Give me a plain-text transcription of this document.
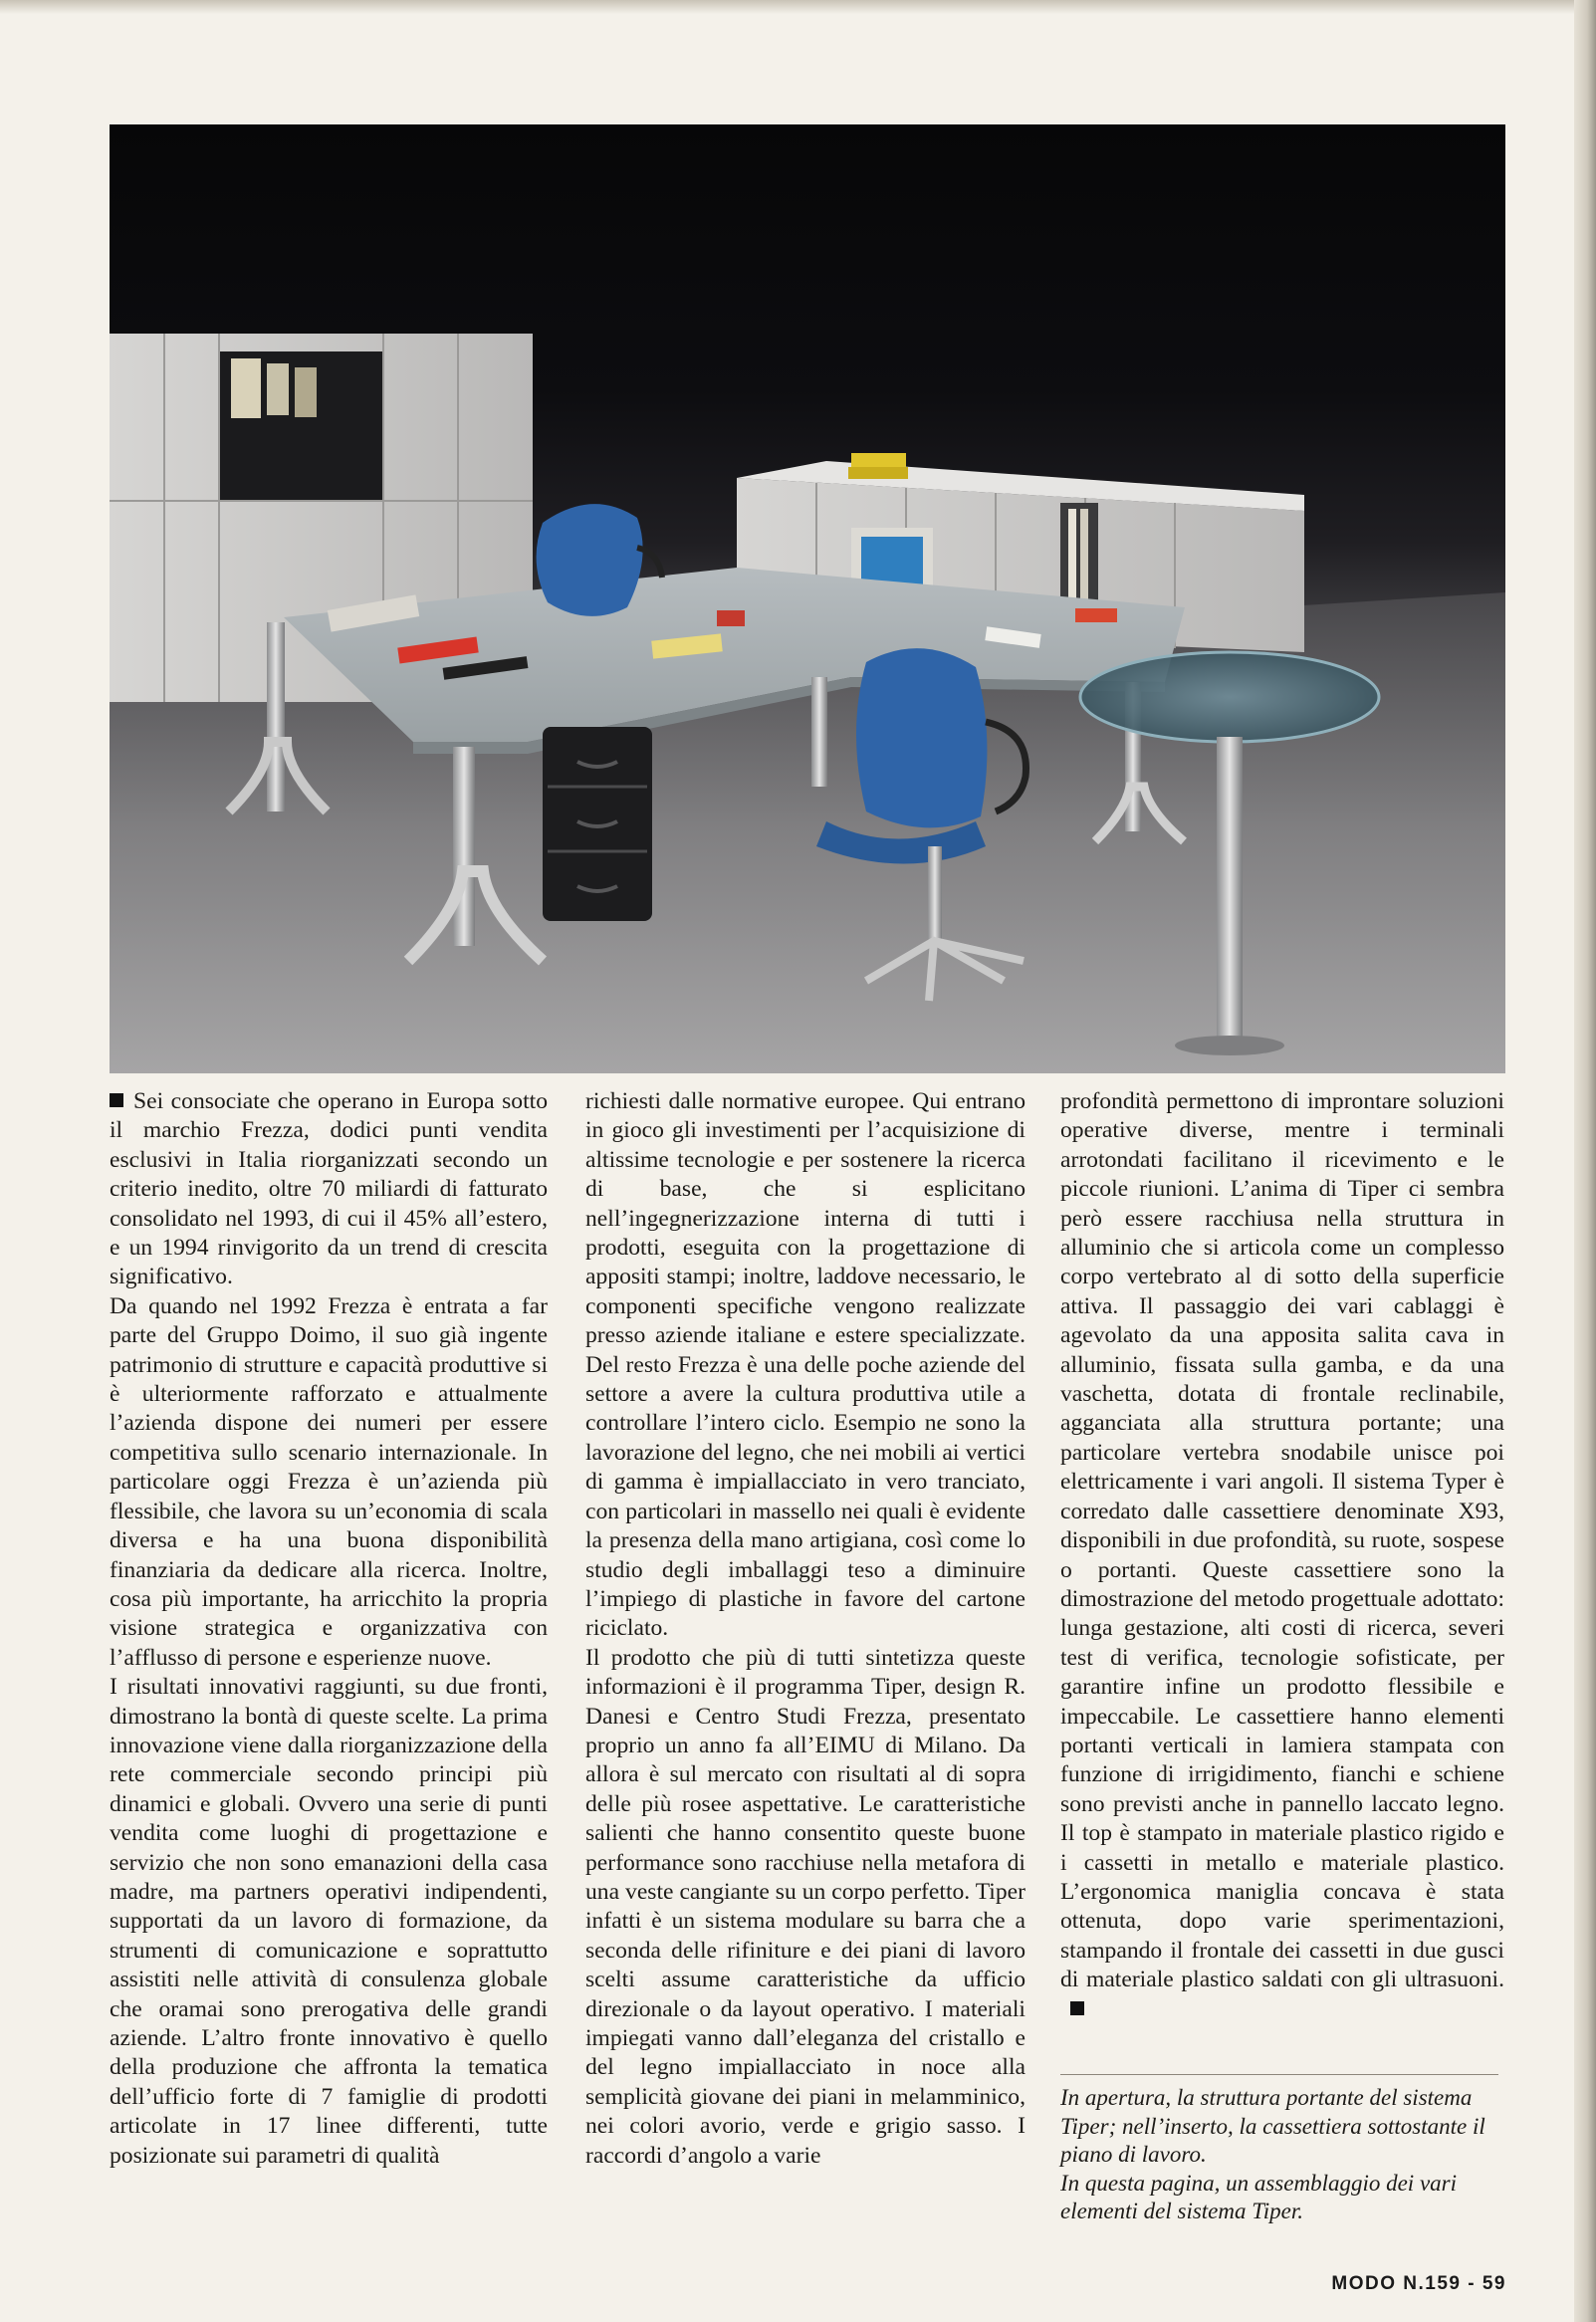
Sei consociate che operano in Europa sotto il marchio Frezza, dodici punti vendita esclusivi in Italia riorganizzati secondo un criterio inedito, oltre 70 miliardi di fatturato consolidato nel 1993, di cui il 45% all’estero, e un 1994 rinvigorito da un trend di crescita significativo.

Da quando nel 1992 Frezza è entrata a far parte del Gruppo Doimo, il suo già ingente patrimonio di strutture e capacità produttive si è ulteriormente rafforzato e attualmente l’azienda dispone dei numeri per essere competitiva sullo scenario internazionale. In particolare oggi Frezza è un’azienda più flessibile, che lavora su un’economia di scala diversa e ha una buona disponibilità finanziaria da dedicare alla ricerca. Inoltre, cosa più importante, ha arricchito la propria visione strategica e organizzativa con l’afflusso di persone e esperienze nuove.

I risultati innovativi raggiunti, su due fronti, dimostrano la bontà di queste scelte. La prima innovazione viene dalla riorganizzazione della rete commerciale secondo principi più dinamici e globali. Ovvero una serie di punti vendita come luoghi di progettazione e servizio che non sono emanazioni della casa madre, ma partners operativi indipendenti, supportati da un lavoro di formazione, da strumenti di comunicazione e soprattutto assistiti nelle attività di consulenza globale che oramai sono prerogativa delle grandi aziende. L’altro fronte innovativo è quello della produzione che affronta la tematica dell’ufficio forte di 7 famiglie di prodotti articolate in 17 linee differenti, tutte posizionate sui parametri di qualità

richiesti dalle normative europee. Qui entrano in gioco gli investimenti per l’acquisizione di altissime tecnologie e per sostenere la ricerca di base, che si esplicitano nell’ingegnerizzazione interna di tutti i prodotti, eseguita con la progettazione di appositi stampi; inoltre, laddove necessario, le componenti specifiche vengono realizzate presso aziende italiane e estere specializzate. Del resto Frezza è una delle poche aziende del settore a avere la cultura produttiva utile a controllare l’intero ciclo. Esempio ne sono la lavorazione del legno, che nei mobili ai vertici di gamma è impiallacciato in vero tranciato, con particolari in massello nei quali è evidente la presenza della mano artigiana, così come lo studio degli imballaggi teso a diminuire l’impiego di plastiche in favore del cartone riciclato.

Il prodotto che più di tutti sintetizza queste informazioni è il programma Tiper, design R. Danesi e Centro Studi Frezza, presentato proprio un anno fa all’EIMU di Milano. Da allora è sul mercato con risultati al di sopra delle più rosee aspettative. Le caratteristiche salienti che hanno consentito queste buone performance sono racchiuse nella metafora di una veste cangiante su un corpo perfetto. Tiper infatti è un sistema modulare su barra che a seconda delle rifiniture e dei piani di lavoro scelti assume caratteristiche da ufficio direzionale o da layout operativo. I materiali impiegati vanno dall’eleganza del cristallo e del legno impiallacciato in noce alla semplicità giovane dei piani in melamminico, nei colori avorio, verde e grigio sasso. I raccordi d’angolo a varie

profondità permettono di improntare soluzioni operative diverse, mentre i terminali arrotondati facilitano il ricevimento e le piccole riunioni. L’anima di Tiper ci sembra però essere racchiusa nella struttura in alluminio che si articola come un complesso corpo vertebrato al di sotto della superficie attiva. Il passaggio dei vari cablaggi è agevolato da una apposita salita cava in alluminio, fissata sulla gamba, e da una vaschetta, dotata di frontale reclinabile, agganciata alla struttura portante; una particolare vertebra snodabile unisce poi elettricamente i vari angoli. Il sistema Typer è corredato dalle cassettiere denominate X93, disponibili in due profondità, su ruote, sospese o portanti. Queste cassettiere sono la dimostrazione del metodo progettuale adottato: lunga gestazione, alti costi di ricerca, severi test di verifica, tecnologie sofisticate, per garantire infine un prodotto flessibile e impeccabile. Le cassettiere hanno elementi portanti verticali in lamiera stampata con funzione di irrigidimento, fianchi e schiene sono previsti anche in pannello laccato legno. Il top è stampato in materiale plastico rigido e i cassetti in metallo e materiale plastico. L’ergonomica maniglia concava è stata ottenuta, dopo varie sperimentazioni, stampando il frontale dei cassetti in due gusci di materiale plastico saldati con gli ultrasuoni.

In apertura, la struttura portante del sistema Tiper; nell’inserto, la cassettiera sottostante il piano di lavoro.

In questa pagina, un assemblaggio dei vari elementi del sistema Tiper.

MODO N.159 - 59
